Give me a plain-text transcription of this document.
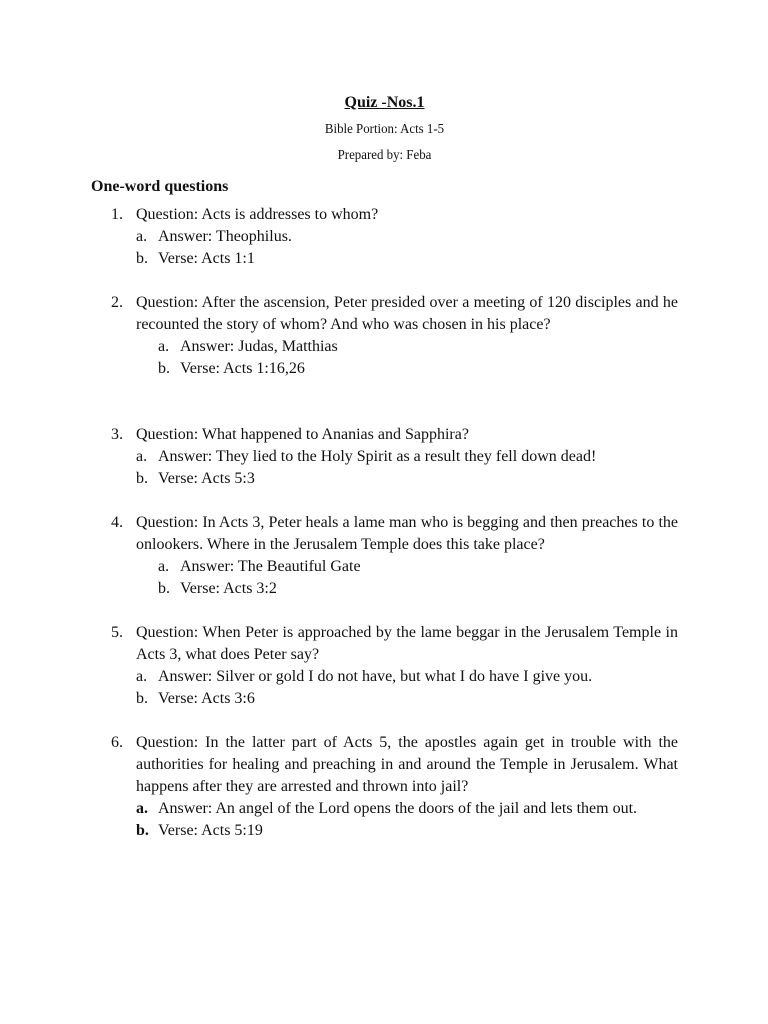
Quiz -Nos.1
Bible Portion: Acts 1-5
Prepared by: Feba
One-word questions
1. Question: Acts is addresses to whom?
a. Answer: Theophilus.
b. Verse: Acts 1:1
2. Question: After the ascension, Peter presided over a meeting of 120 disciples and he recounted the story of whom? And who was chosen in his place?
a. Answer: Judas, Matthias
b. Verse: Acts 1:16,26
3. Question: What happened to Ananias and Sapphira?
a. Answer: They lied to the Holy Spirit as a result they fell down dead!
b. Verse: Acts 5:3
4. Question: In Acts 3, Peter heals a lame man who is begging and then preaches to the onlookers. Where in the Jerusalem Temple does this take place?
a. Answer: The Beautiful Gate
b. Verse: Acts 3:2
5. Question: When Peter is approached by the lame beggar in the Jerusalem Temple in Acts 3, what does Peter say?
a. Answer: Silver or gold I do not have, but what I do have I give you.
b. Verse: Acts 3:6
6. Question: In the latter part of Acts 5, the apostles again get in trouble with the authorities for healing and preaching in and around the Temple in Jerusalem. What happens after they are arrested and thrown into jail?
a. Answer: An angel of the Lord opens the doors of the jail and lets them out.
b. Verse: Acts 5:19
